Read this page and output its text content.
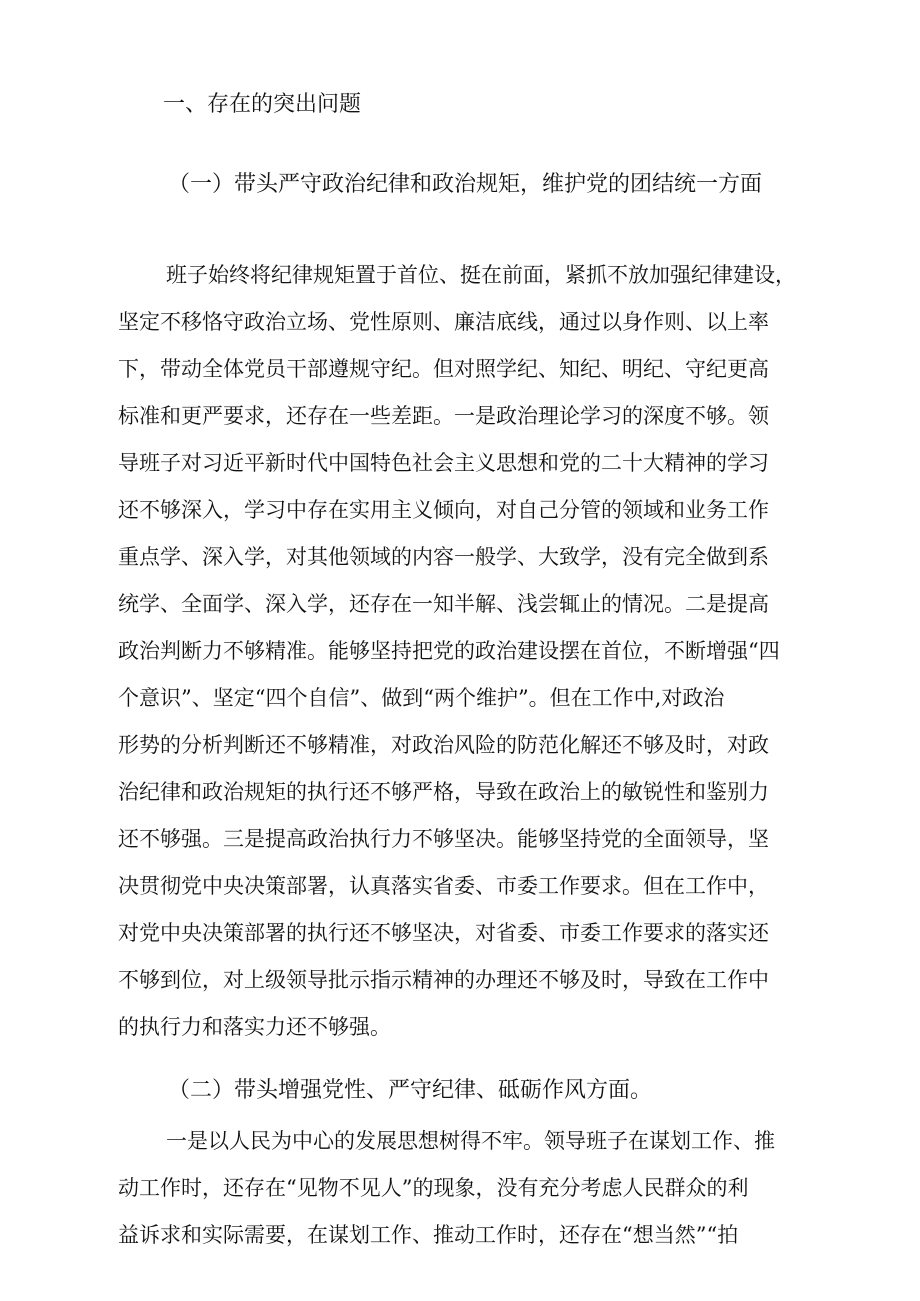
一、存在的突出问题
（一）带头严守政治纪律和政治规矩，维护党的团结统一方面
班子始终将纪律规矩置于首位、挺在前面，紧抓不放加强纪律建设，
坚定不移恪守政治立场、党性原则、廉洁底线，通过以身作则、以上率
下，带动全体党员干部遵规守纪。但对照学纪、知纪、明纪、守纪更高
标准和更严要求，还存在一些差距。一是政治理论学习的深度不够。领
导班子对习近平新时代中国特色社会主义思想和党的二十大精神的学习
还不够深入，学习中存在实用主义倾向，对自己分管的领域和业务工作
重点学、深入学，对其他领域的内容一般学、大致学，没有完全做到系
统学、全面学、深入学，还存在一知半解、浅尝辄止的情况。二是提高
政治判断力不够精准。能够坚持把党的政治建设摆在首位，不断增强“四
个意识”、坚定“四个自信”、做到“两个维护”。但在工作中,对政治
形势的分析判断还不够精准，对政治风险的防范化解还不够及时，对政
治纪律和政治规矩的执行还不够严格，导致在政治上的敏锐性和鉴别力
还不够强。三是提高政治执行力不够坚决。能够坚持党的全面领导，坚
决贯彻党中央决策部署，认真落实省委、市委工作要求。但在工作中，
对党中央决策部署的执行还不够坚决，对省委、市委工作要求的落实还
不够到位，对上级领导批示指示精神的办理还不够及时，导致在工作中
的执行力和落实力还不够强。
（二）带头增强党性、严守纪律、砥砺作风方面。
一是以人民为中心的发展思想树得不牢。领导班子在谋划工作、推
动工作时，还存在“见物不见人”的现象，没有充分考虑人民群众的利
益诉求和实际需要，在谋划工作、推动工作时，还存在“想当然”“拍
